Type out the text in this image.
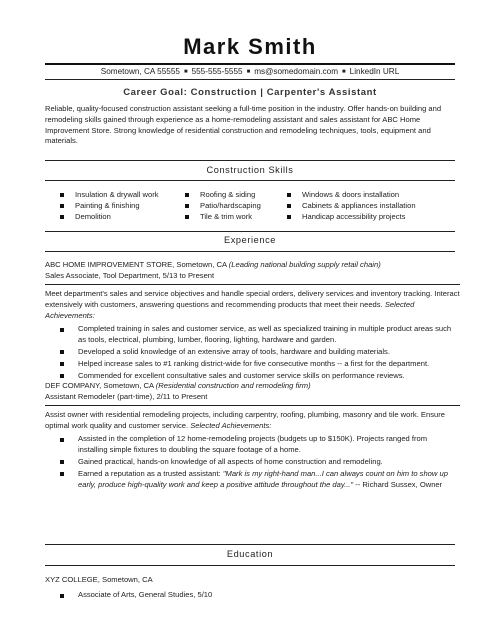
Mark Smith
Sometown, CA 55555 ■ 555-555-5555 ■ ms@somedomain.com ■ LinkedIn URL
Career Goal: Construction | Carpenter's Assistant
Reliable, quality-focused construction assistant seeking a full-time position in the industry. Offer hands-on building and remodeling skills gained through experience as a home-remodeling assistant and sales assistant for ABC Home Improvement Store. Strong knowledge of residential construction and remodeling techniques, tools, equipment and materials.
Construction Skills
Insulation & drywall work
Painting & finishing
Demolition
Roofing & siding
Patio/hardscaping
Tile & trim work
Windows & doors installation
Cabinets & appliances installation
Handicap accessibility projects
Experience
ABC HOME IMPROVEMENT STORE, Sometown, CA (Leading national building supply retail chain)
Sales Associate, Tool Department, 5/13 to Present
Meet department's sales and service objectives and handle special orders, delivery services and inventory tracking. Interact extensively with customers, answering questions and recommending products that meet their needs. Selected Achievements:
Completed training in sales and customer service, as well as specialized training in multiple product areas such as tools, electrical, plumbing, lumber, flooring, lighting, hardware and garden.
Developed a solid knowledge of an extensive array of tools, hardware and building materials.
Helped increase sales to #1 ranking district-wide for five consecutive months -- a first for the department.
Commended for excellent consultative sales and customer service skills on performance reviews.
DEF COMPANY, Sometown, CA (Residential construction and remodeling firm)
Assistant Remodeler (part-time), 2/11 to Present
Assist owner with residential remodeling projects, including carpentry, roofing, plumbing, masonry and tile work. Ensure optimal work quality and customer service. Selected Achievements:
Assisted in the completion of 12 home-remodeling projects (budgets up to $150K). Projects ranged from installing simple fixtures to doubling the square footage of a home.
Gained practical, hands-on knowledge of all aspects of home construction and remodeling.
Earned a reputation as a trusted assistant: "Mark is my right-hand man...I can always count on him to show up early, produce high-quality work and keep a positive attitude throughout the day..." -- Richard Sussex, Owner
Education
XYZ COLLEGE, Sometown, CA
Associate of Arts, General Studies, 5/10
